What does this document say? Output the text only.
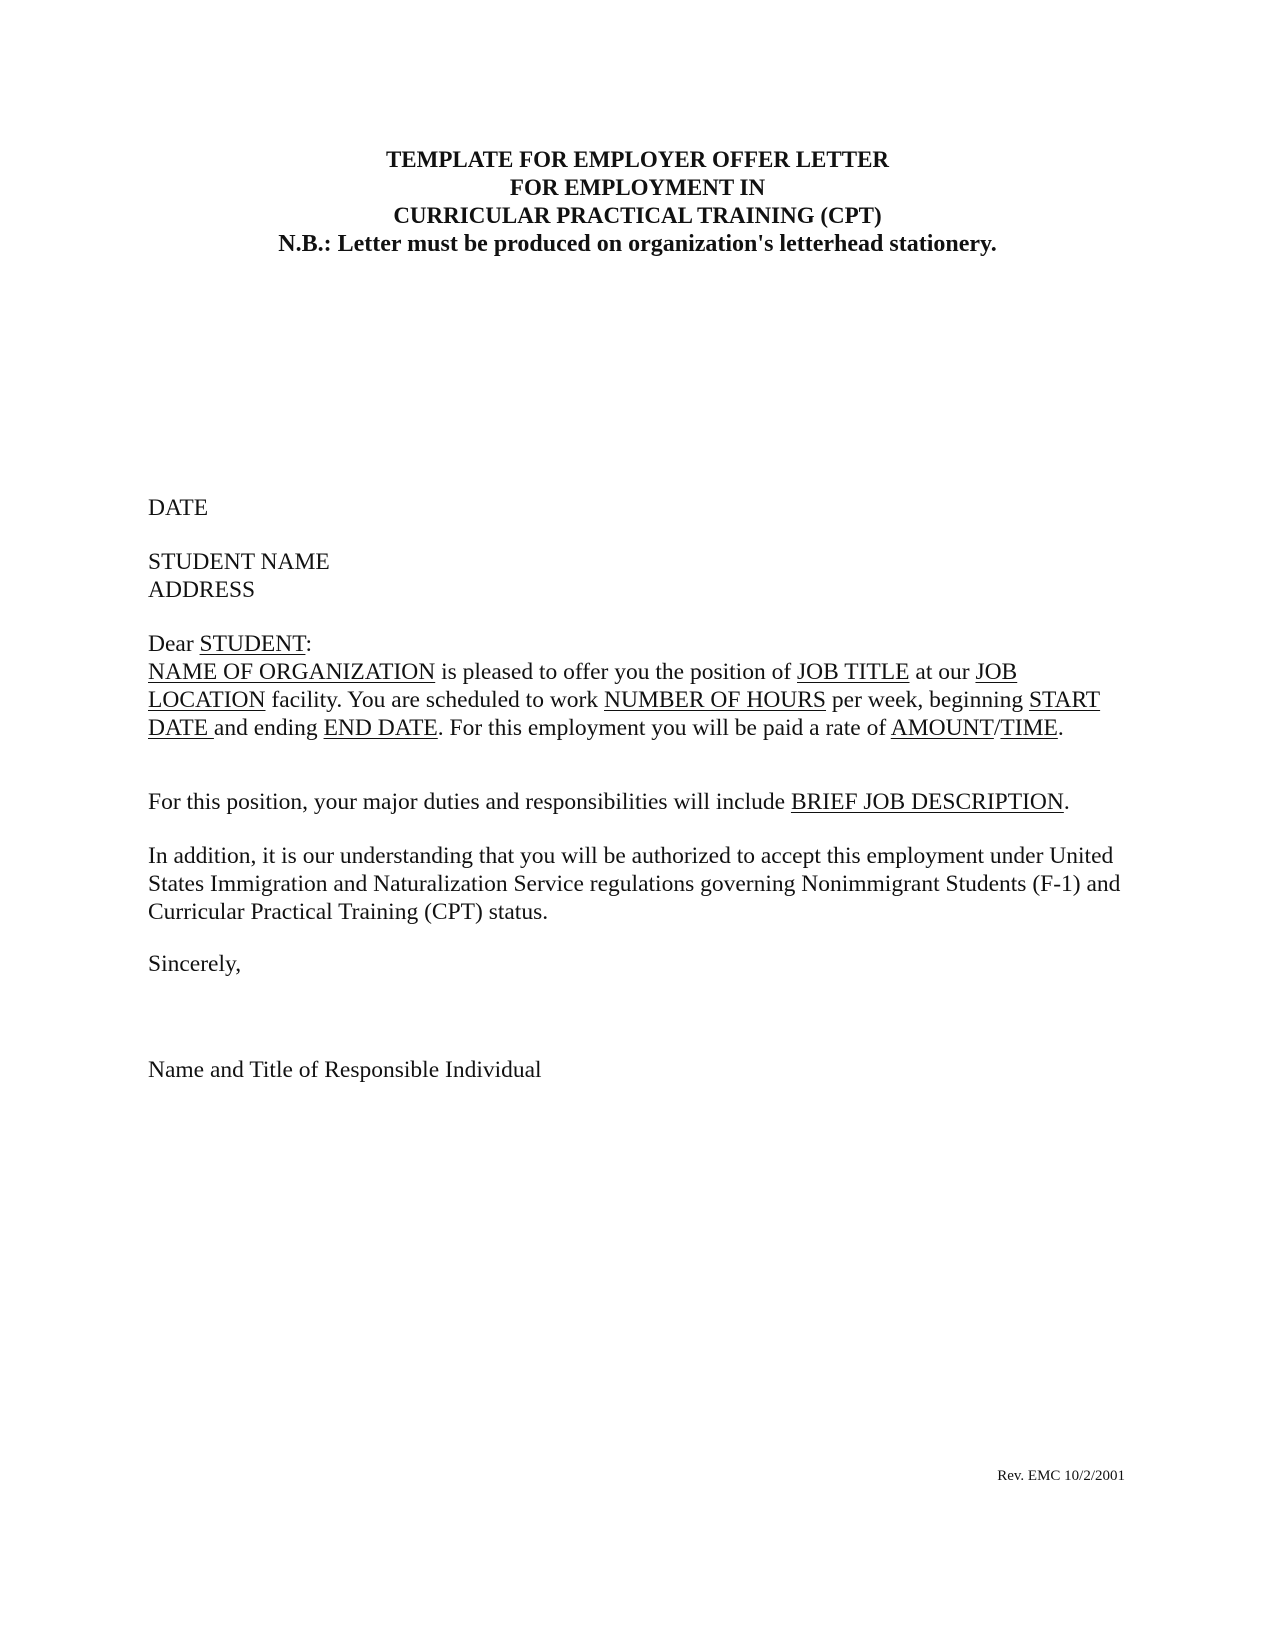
TEMPLATE FOR EMPLOYER OFFER LETTER
FOR EMPLOYMENT IN
CURRICULAR PRACTICAL TRAINING (CPT)
N.B.: Letter must be produced on organization's letterhead stationery.
DATE
STUDENT NAME
ADDRESS
Dear STUDENT:
NAME OF ORGANIZATION is pleased to offer you the position of JOB TITLE at our JOB LOCATION facility. You are scheduled to work NUMBER OF HOURS per week, beginning START DATE and ending END DATE. For this employment you will be paid a rate of AMOUNT/TIME.
For this position, your major duties and responsibilities will include BRIEF JOB DESCRIPTION.
In addition, it is our understanding that you will be authorized to accept this employment under United States Immigration and Naturalization Service regulations governing Nonimmigrant Students (F-1) and Curricular Practical Training (CPT) status.
Sincerely,
Name and Title of Responsible Individual
Rev. EMC 10/2/2001
